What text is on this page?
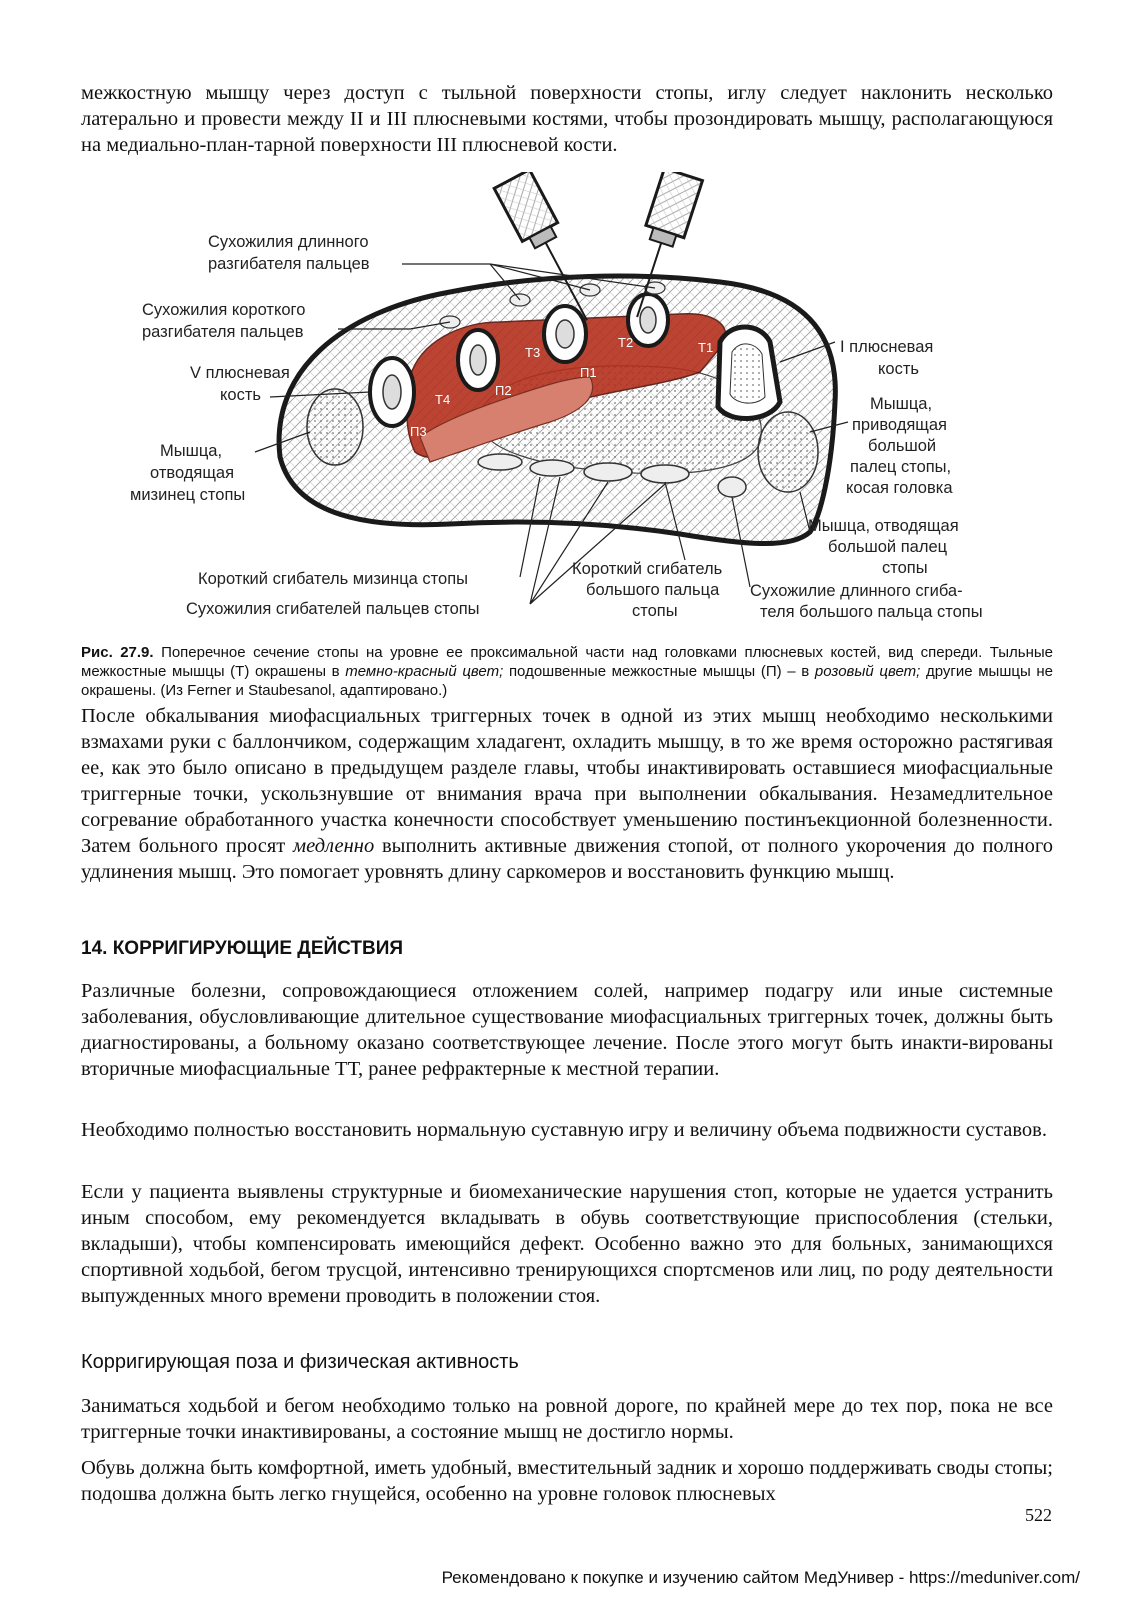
межкостную мышцу через доступ с тыльной поверхности стопы, иглу следует наклонить несколько латерально и провести между II и III плюсневыми костями, чтобы прозондировать мышцу, располагающуюся на медиально-план-тарной поверхности III плюсневой кости.

T3
T2	T1
T4
П1
П2
П3
Сухожилия длинного
разгибателя пальцев
Сухожилия короткого
разгибателя пальцев
V плюсневая
кость
Мышца,
отводящая
мизинец стопы
I плюсневая
кость
Мышца,
приводящая
большой
палец стопы,
косая головка
Мышца, отводящая
большой палец
стопы
Короткий сгибатель мизинца стопы
Сухожилия сгибателей пальцев стопы
Короткий сгибатель
большого пальца
стопы
Сухожилие длинного сгиба-
теля большого пальца стопы

Рис. 27.9. Поперечное сечение стопы на уровне ее проксимальной части над головками плюсневых костей, вид спереди. Тыльные межкостные мышцы (Т) окрашены в темно-красный цвет; подошвенные межкостные мышцы (П) – в розовый цвет; другие мышцы не окрашены. (Из Ferner и Staubesanol, адаптировано.)

После обкалывания миофасциальных триггерных точек в одной из этих мышц необходимо несколькими взмахами руки с баллончиком, содержащим хладагент, охладить мышцу, в то же время осторожно растягивая ее, как это было описано в предыдущем разделе главы, чтобы инактивировать оставшиеся миофасциальные триггерные точки, ускользнувшие от внимания врача при выполнении обкалывания. Незамедлительное согревание обработанного участка конечности способствует уменьшению постинъекционной болезненности. Затем больного просят медленно выполнить активные движения стопой, от полного укорочения до полного удлинения мышц. Это помогает уровнять длину саркомеров и восстановить функцию мышц.

14. КОРРИГИРУЮЩИЕ ДЕЙСТВИЯ

Различные болезни, сопровождающиеся отложением солей, например подагру или иные системные заболевания, обусловливающие длительное существование миофасциальных триггерных точек, должны быть диагностированы, а больному оказано соответствующее лечение. После этого могут быть инакти-вированы вторичные миофасциальные ТТ, ранее рефрактерные к местной терапии.

Необходимо полностью восстановить нормальную суставную игру и величину объема подвижности суставов.

Если у пациента выявлены структурные и биомеханические нарушения стоп, которые не удается устранить иным способом, ему рекомендуется вкладывать в обувь соответствующие приспособления (стельки, вкладыши), чтобы компенсировать имеющийся дефект. Особенно важно это для больных, занимающихся спортивной ходьбой, бегом трусцой, интенсивно тренирующихся спортсменов или лиц, по роду деятельности выпужденных много времени проводить в положении стоя.

Корригирующая поза и физическая активность

Заниматься ходьбой и бегом необходимо только на ровной дороге, по крайней мере до тех пор, пока не все триггерные точки инактивированы, а состояние мышц не достигло нормы.

Обувь должна быть комфортной, иметь удобный, вместительный задник и хорошо поддерживать своды стопы; подошва должна быть легко гнущейся, особенно на уровне головок плюсневых

522
Рекомендовано к покупке и изучению сайтом МедУнивер - https://meduniver.com/
